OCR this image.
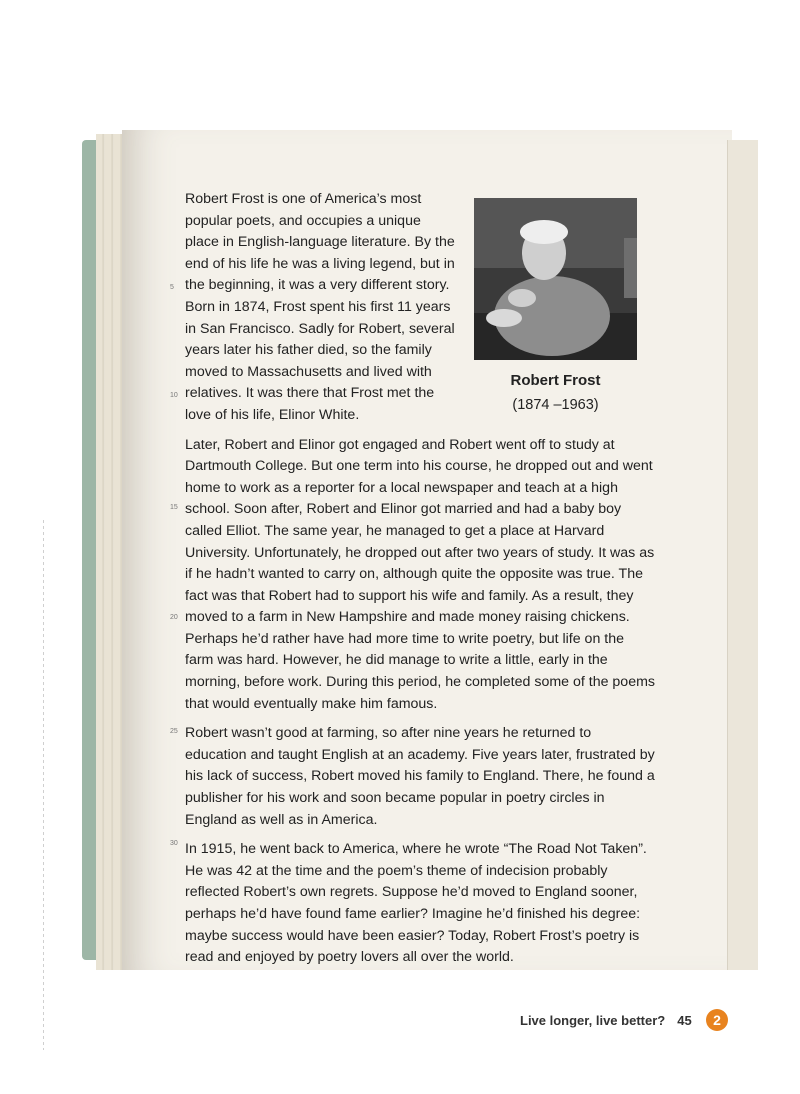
Robert Frost
(1874 –1963)

Robert Frost is one of America’s most popular poets, and occupies a unique place in English-language literature. By the end of his life he was a living legend, but in the beginning, it was a very different story. Born in 1874, Frost spent his first 11 years in San Francisco. Sadly for Robert, several years later his father died, so the family moved to Massachusetts and lived with relatives. It was there that Frost met the love of his life, Elinor White.

Later, Robert and Elinor got engaged and Robert went off to study at Dartmouth College. But one term into his course, he dropped out and went home to work as a reporter for a local newspaper and teach at a high school. Soon after, Robert and Elinor got married and had a baby boy called Elliot. The same year, he managed to get a place at Harvard University. Unfortunately, he dropped out after two years of study. It was as if he hadn’t wanted to carry on, although quite the opposite was true. The fact was that Robert had to support his wife and family. As a result, they moved to a farm in New Hampshire and made money raising chickens. Perhaps he’d rather have had more time to write poetry, but life on the farm was hard. However, he did manage to write a little, early in the morning, before work. During this period, he completed some of the poems that would eventually make him famous.

Robert wasn’t good at farming, so after nine years he returned to education and taught English at an academy. Five years later, frustrated by his lack of success, Robert moved his family to England. There, he found a publisher for his work and soon became popular in poetry circles in England as well as in America.

In 1915, he went back to America, where he wrote “The Road Not Taken”. He was 42 at the time and the poem’s theme of indecision probably reflected Robert’s own regrets. Suppose he’d moved to England sooner, perhaps he’d have found fame earlier? Imagine he’d finished his degree: maybe success would have been easier? Today, Robert Frost’s poetry is read and enjoyed by poetry lovers all over the world.

5
10
15
20
25
30
Live longer, live better? 45	2
